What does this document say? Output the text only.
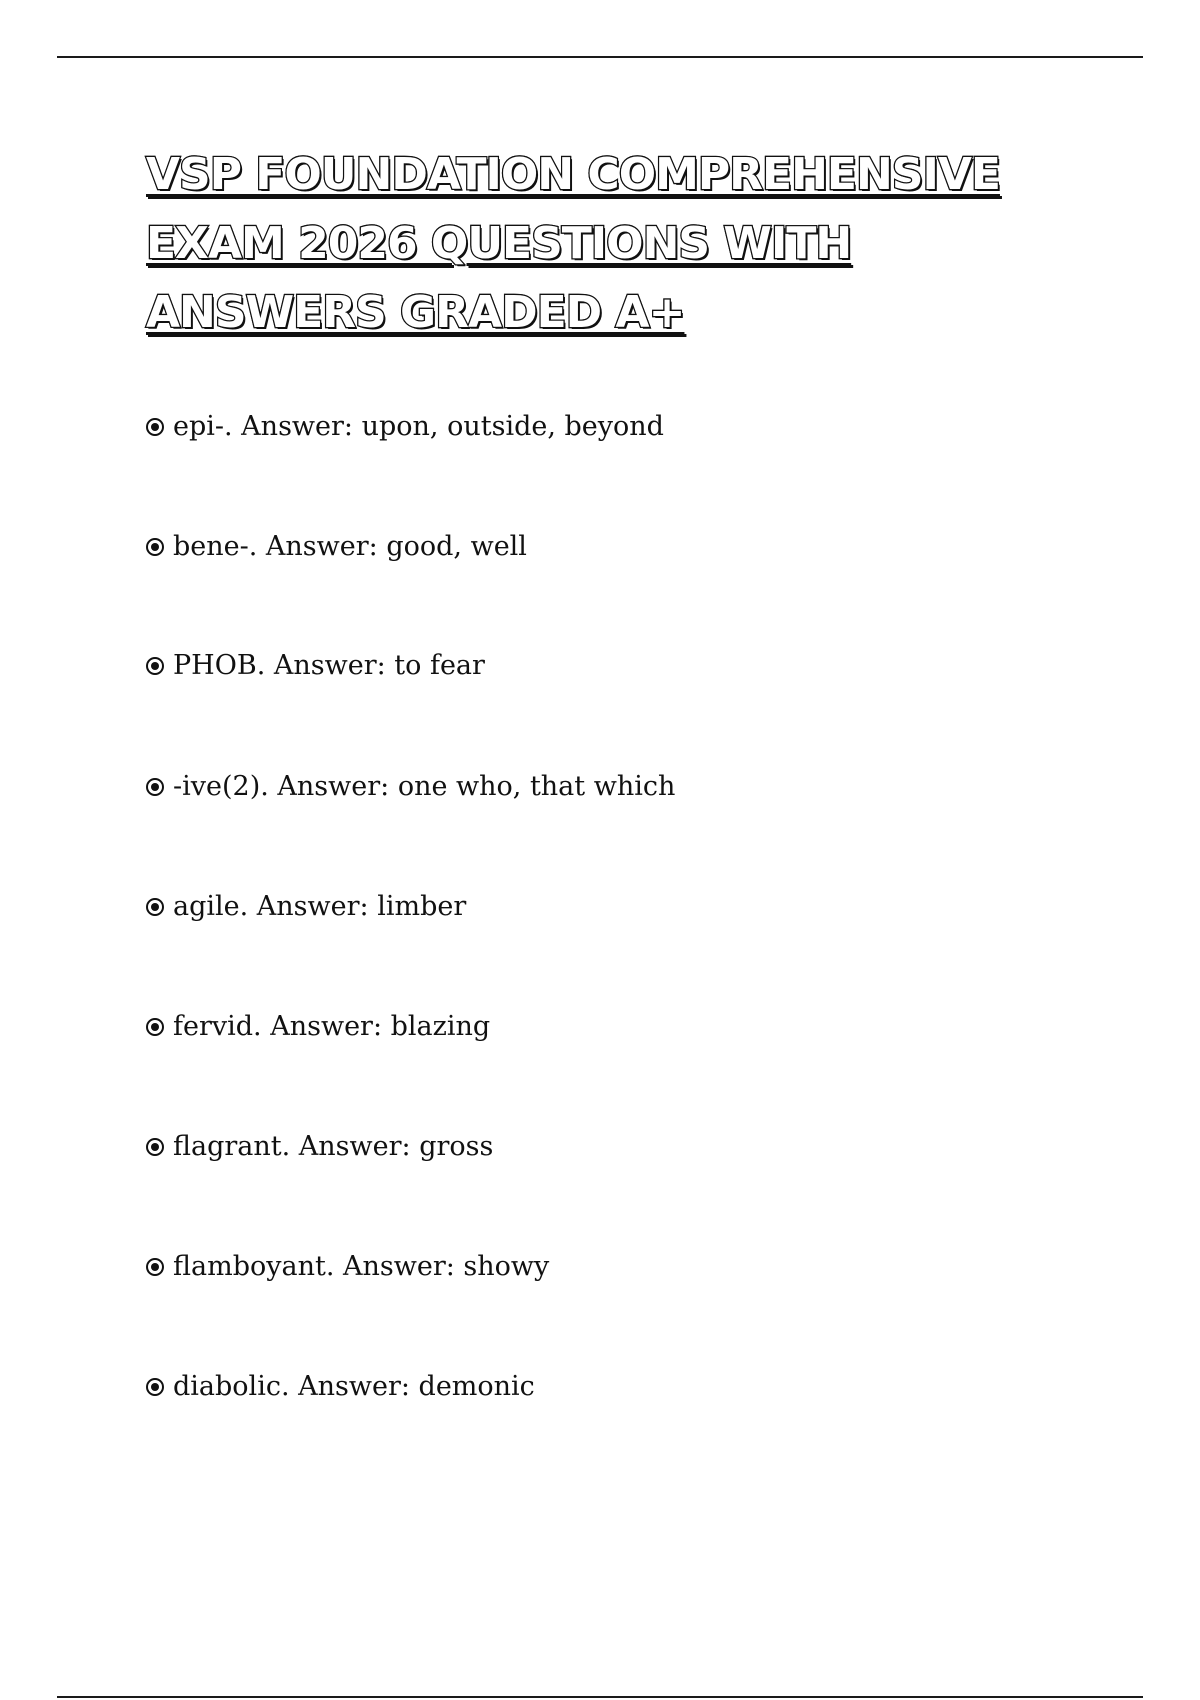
VSP FOUNDATION COMPREHENSIVE EXAM 2026 QUESTIONS WITH ANSWERS GRADED A+
epi-. Answer: upon, outside, beyond
bene-. Answer: good, well
PHOB. Answer: to fear
-ive(2). Answer: one who, that which
agile. Answer: limber
fervid. Answer: blazing
flagrant. Answer: gross
flamboyant. Answer: showy
diabolic. Answer: demonic
